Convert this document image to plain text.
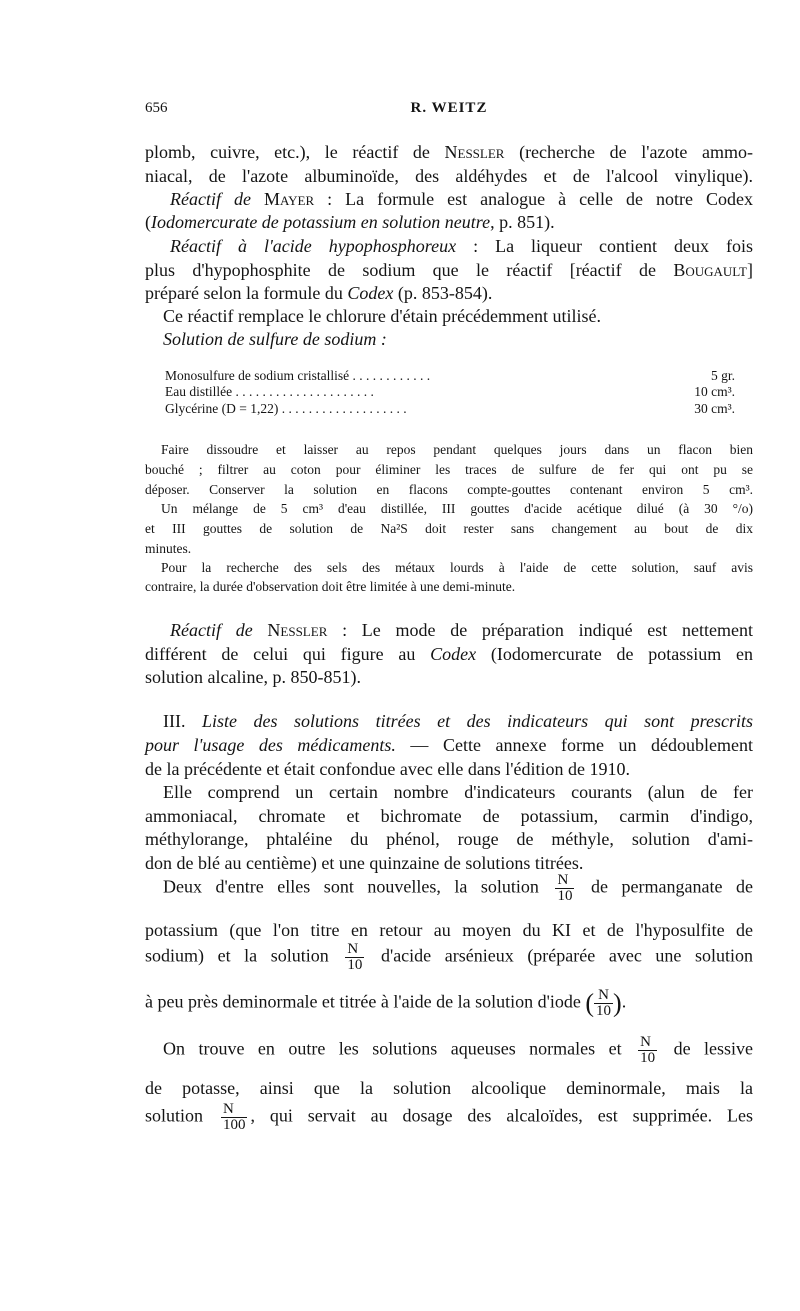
656	R. WEITZ
plomb, cuivre, etc.), le réactif de Nessler (recherche de l'azote ammo-
niacal, de l'azote albuminoïde, des aldéhydes et de l'alcool vinylique).
Réactif de Mayer : La formule est analogue à celle de notre Codex
(Iodomercurate de potassium en solution neutre, p. 851).
Réactif à l'acide hypophosphoreux : La liqueur contient deux fois
plus d'hypophosphite de sodium que le réactif [réactif de Bougault]
préparé selon la formule du Codex (p. 853-854).
Ce réactif remplace le chlorure d'étain précédemment utilisé.
Solution de sulfure de sodium :
Monosulfure de sodium cristallisé . . . . . . . . . . . .	5 gr.
Eau distillée . . . . . . . . . . . . . . . . . . . . .	10 cm³.
Glycérine (D = 1,22) . . . . . . . . . . . . . . . . . . .	30 cm³.
Faire dissoudre et laisser au repos pendant quelques jours dans un flacon bien
bouché ; filtrer au coton pour éliminer les traces de sulfure de fer qui ont pu se
déposer. Conserver la solution en flacons compte-gouttes contenant environ 5 cm³.
Un mélange de 5 cm³ d'eau distillée, III gouttes d'acide acétique dilué (à 30 °/o)
et III gouttes de solution de Na²S doit rester sans changement au bout de dix
minutes.
Pour la recherche des sels des métaux lourds à l'aide de cette solution, sauf avis
contraire, la durée d'observation doit être limitée à une demi-minute.
Réactif de Nessler : Le mode de préparation indiqué est nettement
différent de celui qui figure au Codex (Iodomercurate de potassium en
solution alcaline, p. 850-851).
III. Liste des solutions titrées et des indicateurs qui sont prescrits
pour l'usage des médicaments. — Cette annexe forme un dédoublement
de la précédente et était confondue avec elle dans l'édition de 1910.
Elle comprend un certain nombre d'indicateurs courants (alun de fer
ammoniacal, chromate et bichromate de potassium, carmin d'indigo,
méthylorange, phtaléine du phénol, rouge de méthyle, solution d'ami-
don de blé au centième) et une quinzaine de solutions titrées.
Deux d'entre elles sont nouvelles, la solution $\frac{N}{10}$ de permanganate de
potassium (que l'on titre en retour au moyen du KI et de l'hyposulfite de
sodium) et la solution $\frac{N}{10}$ d'acide arsénieux (préparée avec une solution
à peu près deminormale et titrée à l'aide de la solution d'iode ( $\frac{N}{10}$ ).
On trouve en outre les solutions aqueuses normales et $\frac{N}{10}$ de lessive
de potasse, ainsi que la solution alcoolique deminormale, mais la
solution $\frac{N}{100}$ , qui servait au dosage des alcaloïdes, est supprimée. Les
